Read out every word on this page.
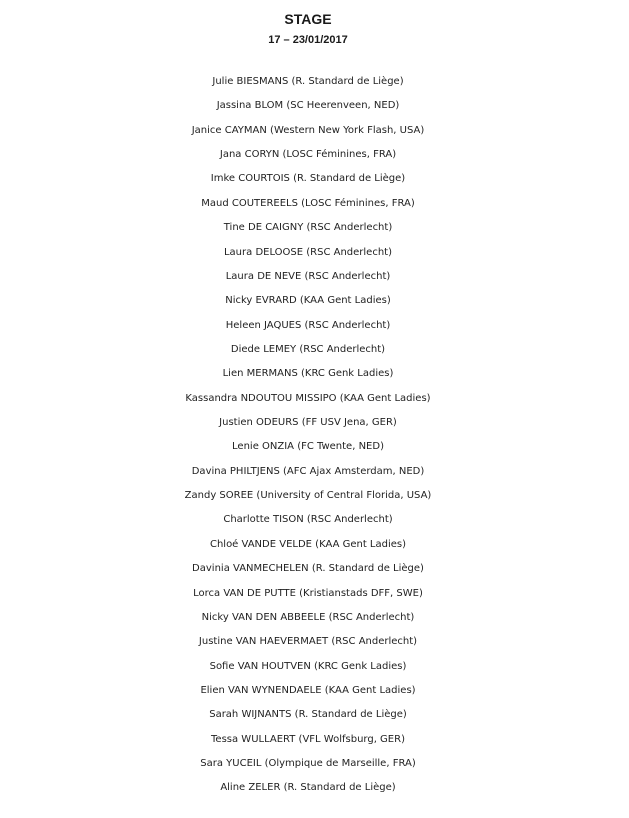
STAGE
17 – 23/01/2017
Julie BIESMANS (R. Standard de Liège)
Jassina BLOM (SC Heerenveen, NED)
Janice CAYMAN (Western New York Flash, USA)
Jana CORYN (LOSC Féminines, FRA)
Imke COURTOIS (R. Standard de Liège)
Maud COUTEREELS (LOSC Féminines, FRA)
Tine DE CAIGNY (RSC Anderlecht)
Laura DELOOSE (RSC Anderlecht)
Laura DE NEVE (RSC Anderlecht)
Nicky EVRARD (KAA Gent Ladies)
Heleen JAQUES (RSC Anderlecht)
Diede LEMEY (RSC Anderlecht)
Lien MERMANS (KRC Genk Ladies)
Kassandra NDOUTOU MISSIPO (KAA Gent Ladies)
Justien ODEURS (FF USV Jena, GER)
Lenie ONZIA (FC Twente, NED)
Davina PHILTJENS (AFC Ajax Amsterdam, NED)
Zandy SOREE (University of Central Florida, USA)
Charlotte TISON (RSC Anderlecht)
Chloé VANDE VELDE (KAA Gent Ladies)
Davinia VANMECHELEN (R. Standard de Liège)
Lorca VAN DE PUTTE (Kristianstads DFF, SWE)
Nicky VAN DEN ABBEELE (RSC Anderlecht)
Justine VAN HAEVERMAET (RSC Anderlecht)
Sofie VAN HOUTVEN (KRC Genk Ladies)
Elien VAN WYNENDAELE (KAA Gent Ladies)
Sarah WIJNANTS (R. Standard de Liège)
Tessa WULLAERT (VFL Wolfsburg, GER)
Sara YUCEIL (Olympique de Marseille, FRA)
Aline ZELER (R. Standard de Liège)
